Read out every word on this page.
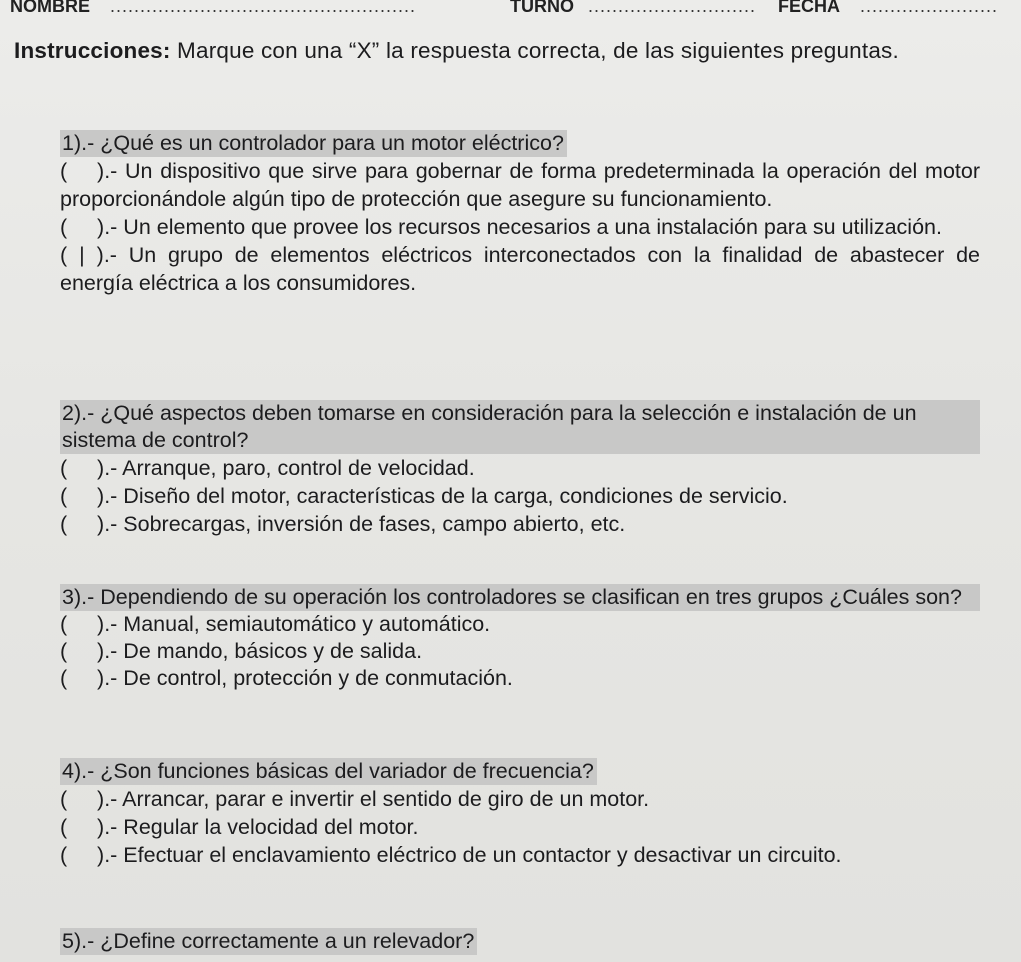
NOMBRE ...................................................	TURNO ............................ FECHA .......................
Instrucciones: Marque con una “X” la respuesta correcta, de las siguientes preguntas.
1).- ¿Qué es un controlador para un motor eléctrico?
(     ).- Un dispositivo que sirve para gobernar de forma predeterminada la operación del motor proporcionándole algún tipo de protección que asegure su funcionamiento.
(     ).- Un elemento que provee los recursos necesarios a una instalación para su utilización.
(  |  ).- Un grupo de elementos eléctricos interconectados con la finalidad de abastecer de energía eléctrica a los consumidores.
2).- ¿Qué aspectos deben tomarse en consideración para la selección e instalación de un sistema de control?
(     ).- Arranque, paro, control de velocidad.
(     ).- Diseño del motor, características de la carga, condiciones de servicio.
(     ).- Sobrecargas, inversión de fases, campo abierto, etc.
3).- Dependiendo de su operación los controladores se clasifican en tres grupos ¿Cuáles son?
(     ).- Manual, semiautomático y automático.
(     ).- De mando, básicos y de salida.
(     ).- De control, protección y de conmutación.
4).- ¿Son funciones básicas del variador de frecuencia?
(     ).- Arrancar, parar e invertir el sentido de giro de un motor.
(     ).- Regular la velocidad del motor.
(     ).- Efectuar el enclavamiento eléctrico de un contactor y desactivar un circuito.
5).- ¿Define correctamente a un relevador?
